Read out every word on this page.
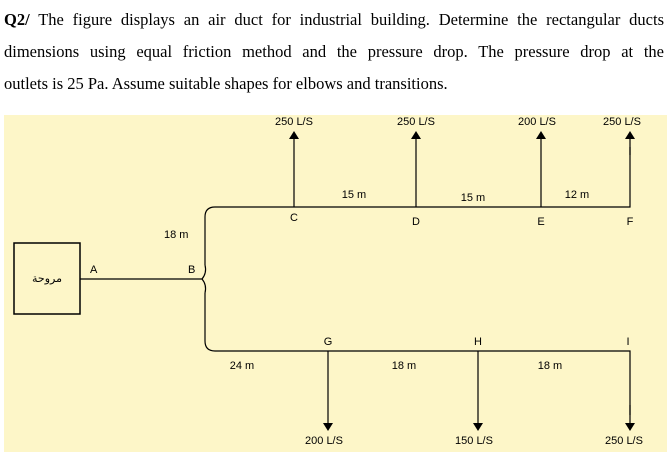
Q2/ The figure displays an air duct for industrial building. Determine the rectangular ducts
dimensions using equal friction method and the pressure drop. The pressure drop at the
outlets is 25 Pa. Assume suitable shapes for elbows and transitions.
مروحة
A	B
18 m
250 L/S	250 L/S	200 L/S	250 L/S
C	D	E	F
15 m	15 m	12 m
G	H	I
24 m	18 m	18 m
200 L/S	150 L/S	250 L/S
